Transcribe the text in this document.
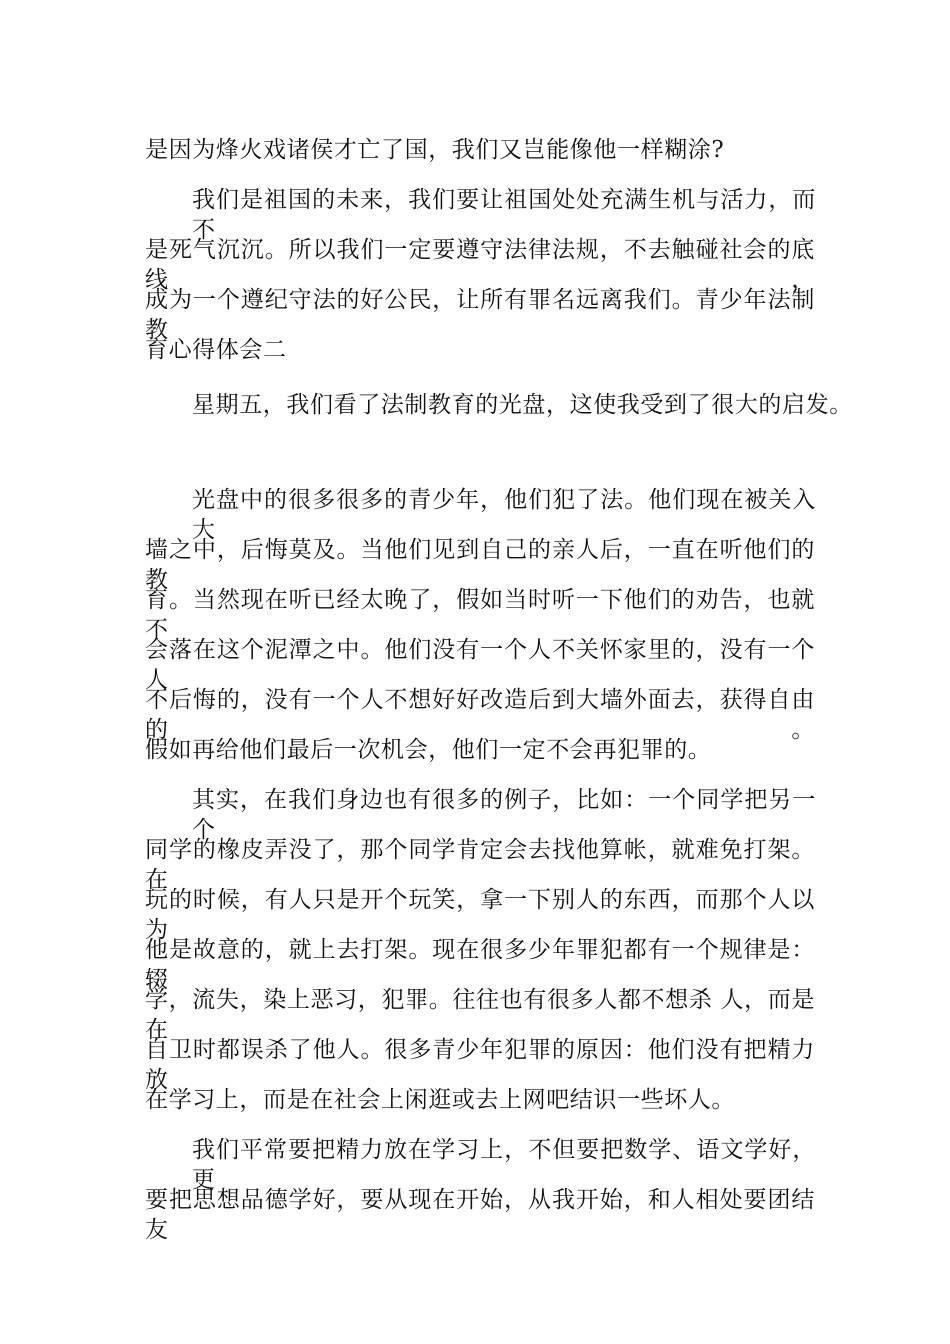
是因为烽火戏诸侯才亡了国，我们又岂能像他一样糊涂?
我们是祖国的未来，我们要让祖国处处充满生机与活力，而不
是死气沉沉。所以我们一定要遵守法律法规，不去触碰社会的底线，
成为一个遵纪守法的好公民，让所有罪名远离我们。青少年法制教
育心得体会二
星期五，我们看了法制教育的光盘，这使我受到了很大的启发。
光盘中的很多很多的青少年，他们犯了法。他们现在被关入大
墙之中，后悔莫及。当他们见到自己的亲人后，一直在听他们的教
育。当然现在听已经太晚了，假如当时听一下他们的劝告，也就不
会落在这个泥潭之中。他们没有一个人不关怀家里的，没有一个人
不后悔的，没有一个人不想好好改造后到大墙外面去，获得自由的。
假如再给他们最后一次机会，他们一定不会再犯罪的。
其实，在我们身边也有很多的例子，比如：一个同学把另一个
同学的橡皮弄没了，那个同学肯定会去找他算帐，就难免打架。在
玩的时候，有人只是开个玩笑，拿一下别人的东西，而那个人以为
他是故意的，就上去打架。现在很多少年罪犯都有一个规律是：辍
学，流失，染上恶习，犯罪。往往也有很多人都不想杀 人，而是在
自卫时都误杀了他人。很多青少年犯罪的原因：他们没有把精力放
在学习上，而是在社会上闲逛或去上网吧结识一些坏人。
我们平常要把精力放在学习上，不但要把数学、语文学好，更
要把思想品德学好，要从现在开始，从我开始，和人相处要团结友
